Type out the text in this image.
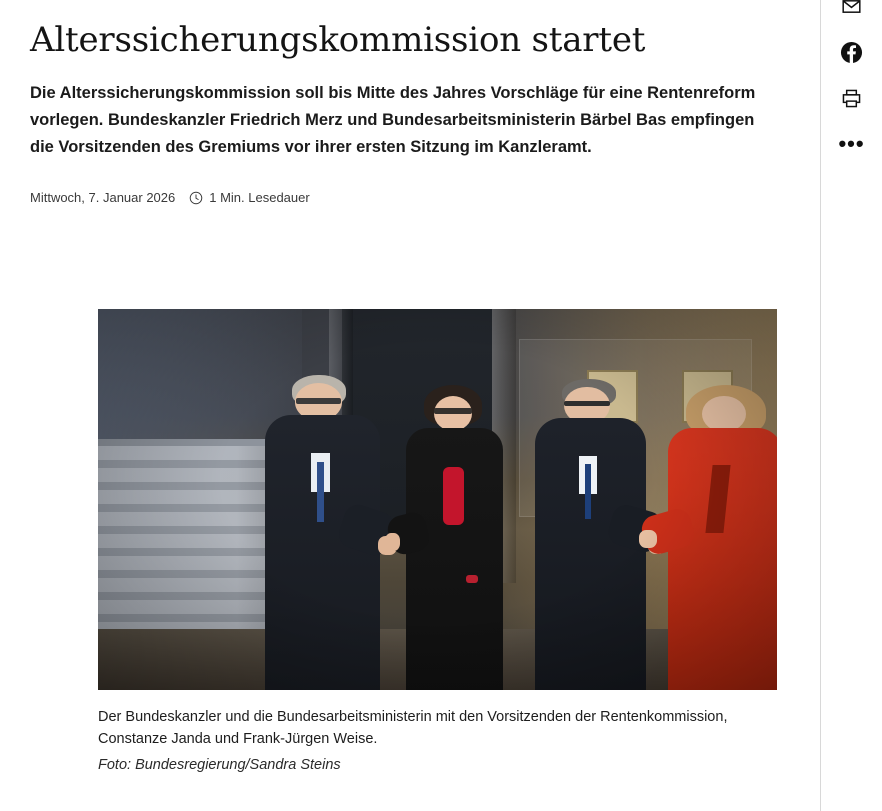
Alterssicherungskommission startet

Die Alterssicherungskommission soll bis Mitte des Jahres Vorschläge für eine Rentenreform vorlegen. Bundeskanzler Friedrich Merz und Bundesarbeitsministerin Bärbel Bas empfingen die Vorsitzenden des Gremiums vor ihrer ersten Sitzung im Kanzleramt.

Mittwoch, 7. Januar 2026	1 Min. Lesedauer
Der Bundeskanzler und die Bundesarbeitsministerin mit den Vorsitzenden der Rentenkommission, Constanze Janda und Frank-Jürgen Weise.
Foto: Bundesregierung/Sandra Steins
•••
